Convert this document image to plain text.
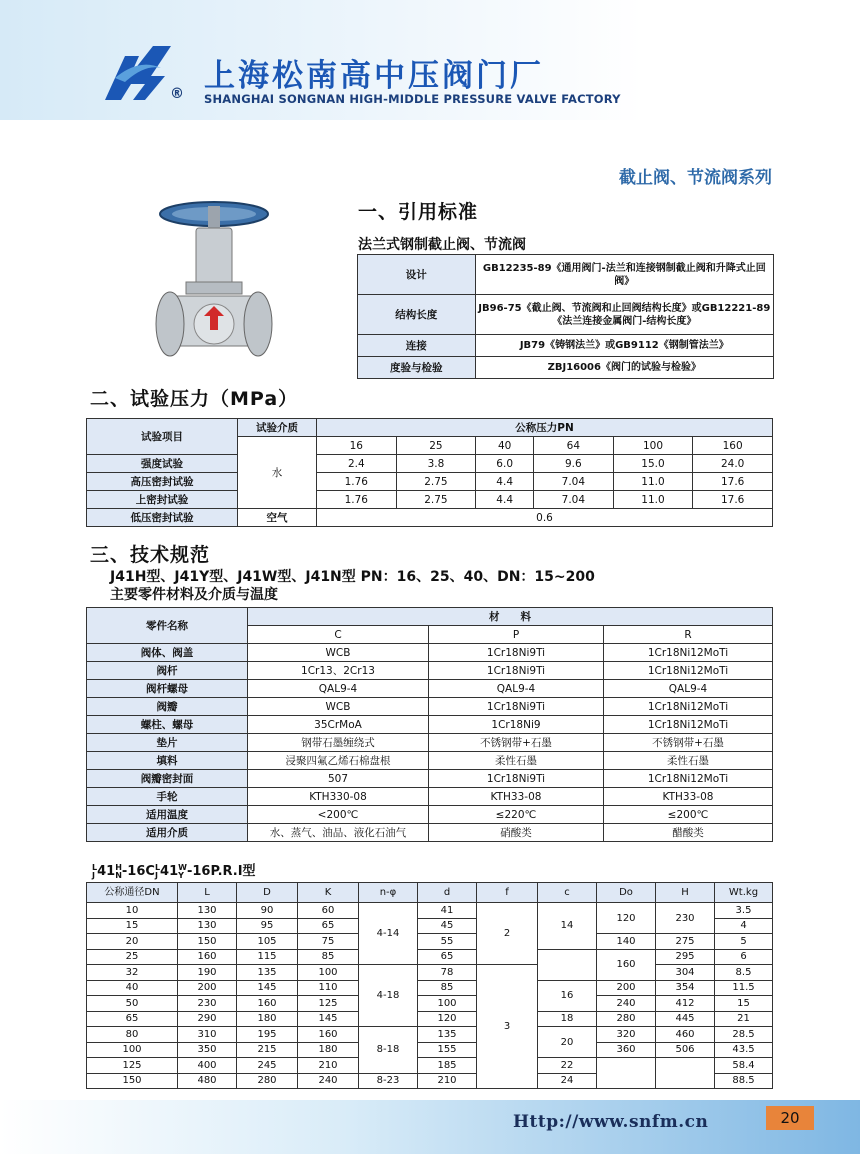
® 上海松南高中压阀门厂
SHANGHAI SONGNAN HIGH-MIDDLE PRESSURE VALVE FACTORY
截止阀、节流阀系列
一、引用标准
法兰式钢制截止阀、节流阀
设计	GB12235-89《通用阀门-法兰和连接钢制截止阀和升降式止回阀》
结构长度	JB96-75《截止阀、节流阀和止回阀结构长度》或GB12221-89《法兰连接金属阀门-结构长度》
连接	JB79《铸钢法兰》或GB9112《钢制管法兰》
度验与检验	ZBJ16006《阀门的试验与检验》
二、试验压力（MPa）
试验项目	试验介质	公称压力PN					
	水	16	25	40	64	100	160
强度试验		2.4	3.8	6.0	9.6	15.0	24.0
高压密封试验		1.76	2.75	4.4	7.04	11.0	17.6
上密封试验		1.76	2.75	4.4	7.04	11.0	17.6
低压密封试验	空气	0.6					
三、技术规范
J41H型、J41Y型、J41W型、J41N型 PN：16、25、40、DN：15~200
主要零件材料及介质与温度
零件名称	材　　料		
	C	P	R
阀体、阀盖	WCB	1Cr18Ni9Ti	1Cr18Ni12MoTi
阀杆	1Cr13、2Cr13	1Cr18Ni9Ti	1Cr18Ni12MoTi
阀杆螺母	QAL9-4	QAL9-4	QAL9-4
阀瓣	WCB	1Cr18Ni9Ti	1Cr18Ni12MoTi
螺柱、螺母	35CrMoA	1Cr18Ni9	1Cr18Ni12MoTi
垫片	钢带石墨缠绕式	不锈钢带+石墨	不锈钢带+石墨
填料	浸聚四氟乙烯石棉盘根	柔性石墨	柔性石墨
阀瓣密封面	507	1Cr18Ni9Ti	1Cr18Ni12MoTi
手轮	KTH330-08	KTH33-08	KTH33-08
适用温度	<200℃	≤220℃	≤200℃
适用介质	水、蒸气、油品、液化石油气	硝酸类	醋酸类
L
J 41 H
N -16C L
J 41 W
Y -16P.R.I型
公称通径DN	L	D	K	n-φ	d	f	c	Do	H	Wt.kg
10	130	90	60	4-14	41	2	14	120	230	3.5
15	130	95	65		45					4
20	150	105	75		55			140	275	5
25	160	115	85		65			160	295	6
32	190	135	100	4-18	78	3			304	8.5
40	200	145	110		85		16	200	354	11.5
50	230	160	125		100			240	412	15
65	290	180	145		120		18	280	445	21
80	310	195	160	8-18	135		20	320	460	28.5
100	350	215	180		155			360	506	43.5
125	400	245	210		185		22			58.4
150	480	280	240	8-23	210		24			88.5
Http://www.snfm.cn	20
